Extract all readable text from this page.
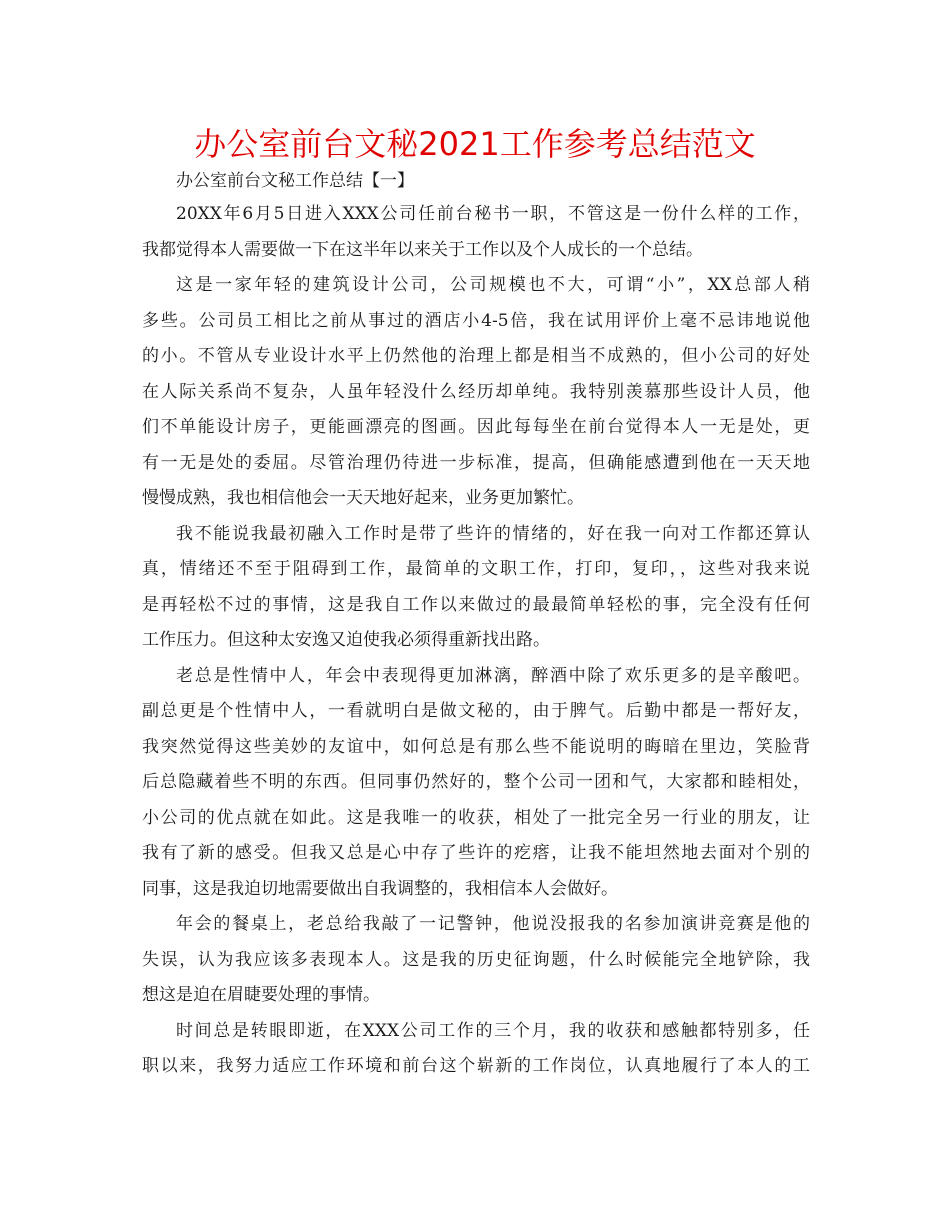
办公室前台文秘2021工作参考总结范文

办公室前台文秘工作总结【一】

20XX年6月5日进入XXX公司任前台秘书一职，不管这是一份什么样的工作，
我都觉得本人需要做一下在这半年以来关于工作以及个人成长的一个总结。

这是一家年轻的建筑设计公司，公司规模也不大，可谓“小”，XX总部人稍
多些。公司员工相比之前从事过的酒店小4-5倍，我在试用评价上毫不忌讳地说他
的小。不管从专业设计水平上仍然他的治理上都是相当不成熟的，但小公司的好处
在人际关系尚不复杂，人虽年轻没什么经历却单纯。我特别羡慕那些设计人员，他
们不单能设计房子，更能画漂亮的图画。因此每每坐在前台觉得本人一无是处，更
有一无是处的委屈。尽管治理仍待进一步标准，提高，但确能感遭到他在一天天地
慢慢成熟，我也相信他会一天天地好起来，业务更加繁忙。

我不能说我最初融入工作时是带了些许的情绪的，好在我一向对工作都还算认
真，情绪还不至于阻碍到工作，最简单的文职工作，打印，复印，，这些对我来说
是再轻松不过的事情，这是我自工作以来做过的最最简单轻松的事，完全没有任何
工作压力。但这种太安逸又迫使我必须得重新找出路。

老总是性情中人，年会中表现得更加淋漓，醉酒中除了欢乐更多的是辛酸吧。
副总更是个性情中人，一看就明白是做文秘的，由于脾气。后勤中都是一帮好友，
我突然觉得这些美妙的友谊中，如何总是有那么些不能说明的晦暗在里边，笑脸背
后总隐藏着些不明的东西。但同事仍然好的，整个公司一团和气，大家都和睦相处，
小公司的优点就在如此。这是我唯一的收获，相处了一批完全另一行业的朋友，让
我有了新的感受。但我又总是心中存了些许的疙瘩，让我不能坦然地去面对个别的
同事，这是我迫切地需要做出自我调整的，我相信本人会做好。

年会的餐桌上，老总给我敲了一记警钟，他说没报我的名参加演讲竞赛是他的
失误，认为我应该多表现本人。这是我的历史征询题，什么时候能完全地铲除，我
想这是迫在眉睫要处理的事情。

时间总是转眼即逝，在XXX公司工作的三个月，我的收获和感触都特别多，任
职以来，我努力适应工作环境和前台这个崭新的工作岗位，认真地履行了本人的工
